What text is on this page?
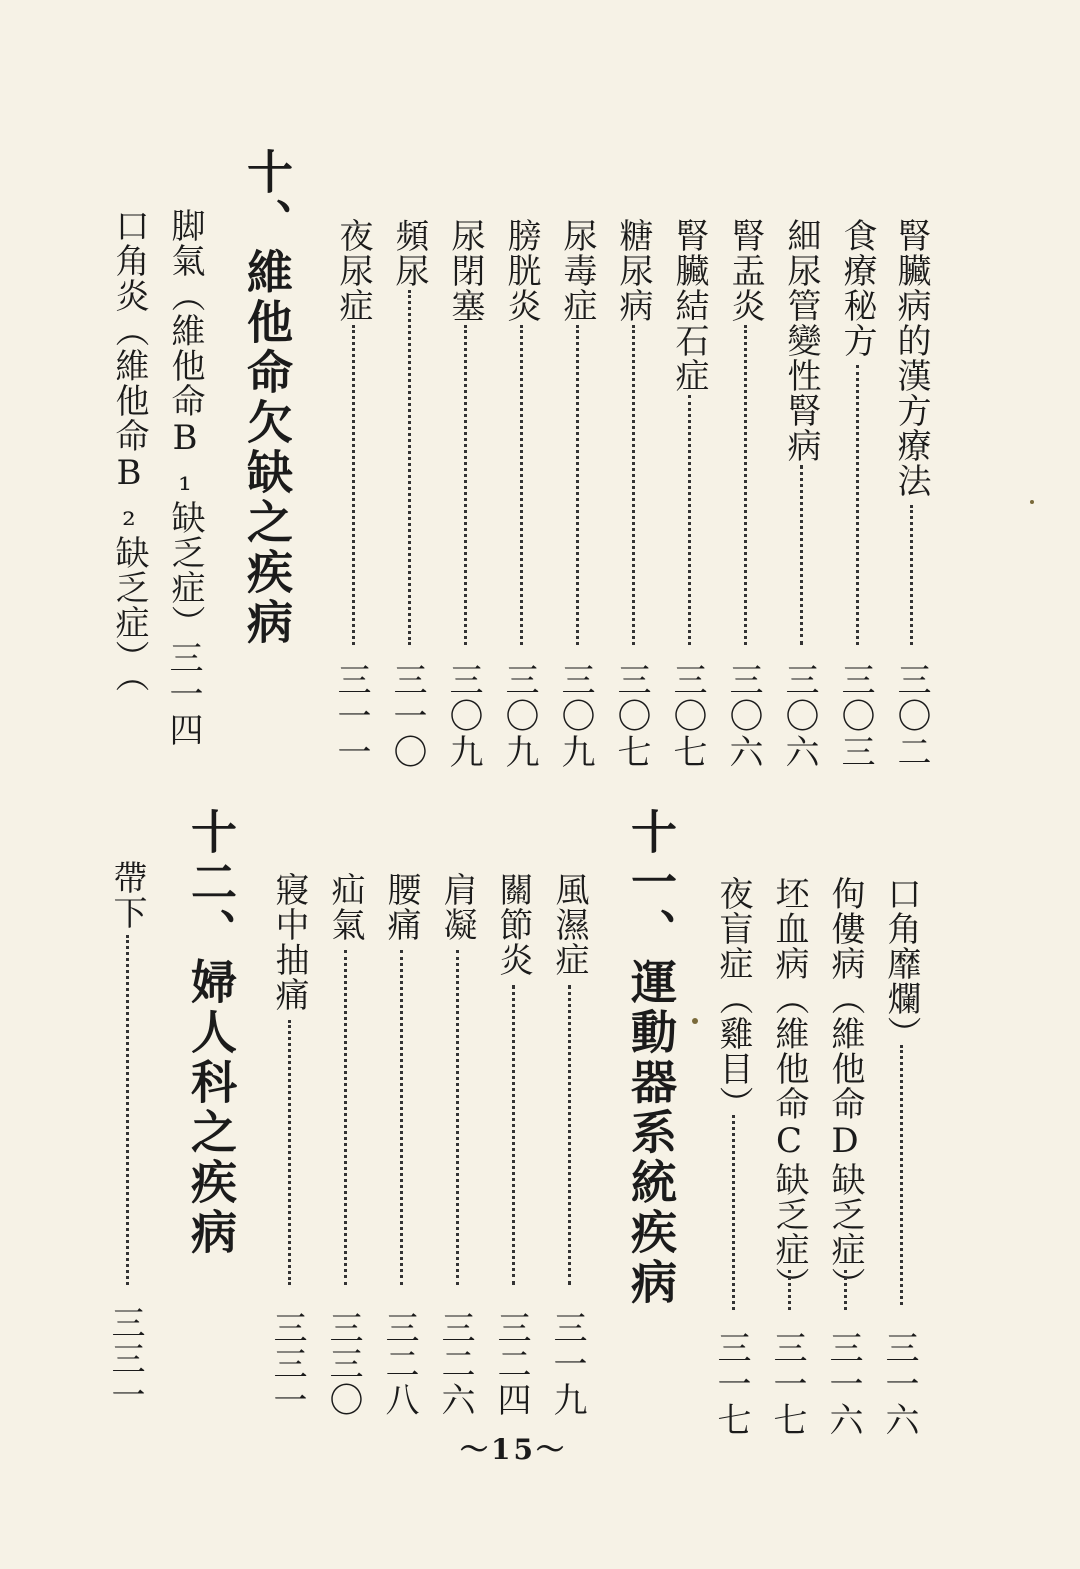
腎臟病的漢方療法
三〇二
食療秘方
三〇三
細尿管變性腎病
三〇六
腎盂炎
三〇六
腎臟結石症
三〇七
糖尿病
三〇七
尿毒症
三〇九
膀胱炎
三〇九
尿閉塞
三〇九
頻尿
三一〇
夜尿症
三一一
十、維他命欠缺之疾病
脚氣（維他命B₁缺乏症）
三一四
口角炎（維他命B₂缺乏症）（
口角靡爛）
三一六
佝僂病（維他命D缺乏症）
三一六
坯血病（維他命C缺乏症）
三一七
夜盲症（雞目）
三一七
十一、運動器系統疾病
風濕症
三一九
關節炎
三二四
肩凝
三二六
腰痛
三二八
疝氣
三三〇
寢中抽痛
三三一
十二、婦人科之疾病
帶下
三三一
～15～
